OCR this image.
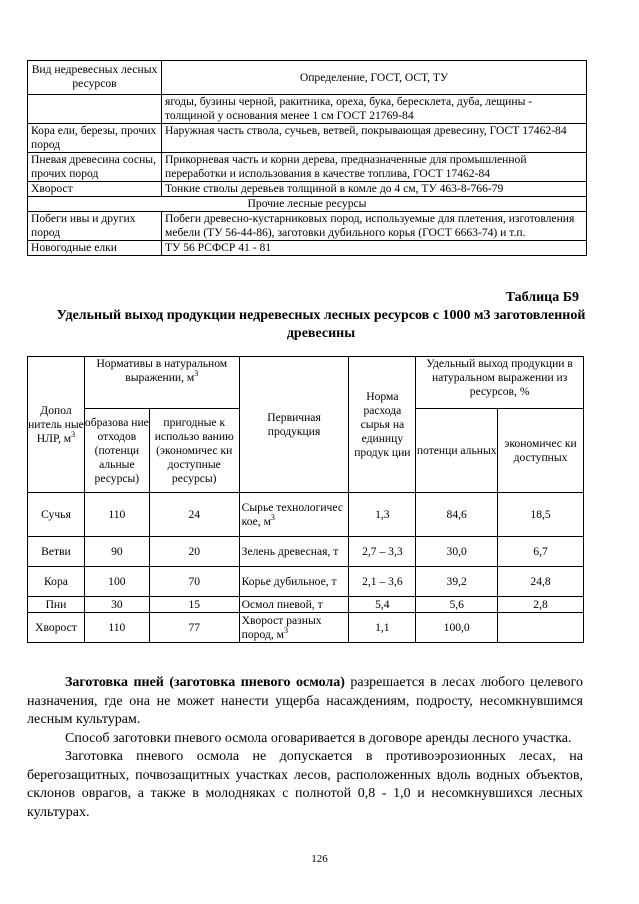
Вид недревесных лесных ресурсов	Определение, ГОСТ, ОСТ, ТУ
	ягоды, бузины черной, ракитника, ореха, бука, бересклета, дуба, лещины - толщиной у основания менее 1 см ГОСТ 21769-84
Кора ели, березы, прочих пород	Наружная часть ствола, сучьев, ветвей, покрывающая древесину, ГОСТ 17462-84
Пневая древесина сосны, прочих пород	Прикорневая часть и корни дерева, предназначенные для промышленной переработки и использования в качестве топлива, ГОСТ 17462-84
Хворост	Тонкие стволы деревьев толщиной в комле до 4 см, ТУ 463-8-766-79
Прочие лесные ресурсы	
Побеги ивы и других пород	Побеги древесно-кустарниковых пород, используемые для плетения, изготовления мебели (ТУ 56-44-86), заготовки дубильного корья (ГОСТ 6663-74) и т.п.
Новогодные елки	ТУ 56 РСФСР 41 - 81
Таблица Б9
Удельный выход продукции недревесных лесных ресурсов с 1000 м3 заготовленной древесины
Допол нитель ные НЛР, $м^3$	Нормативы в натуральном выражении, $м^3$		Первичная продукция	Норма расхода сырья на единицу продук ции	Удельный выход продукции в натуральном выражении из ресурсов, %	
	образова ние отходов (потенци альные ресурсы)	пригодные к использо ванию (экономичес ки доступные ресурсы)			потенци альных	экономичес ки доступных
Сучья	110	24	Сырье технологичес кое, $м^3$	1,3	84,6	18,5
Ветви	90	20	Зелень древесная, т	2,7 – 3,3	30,0	6,7
Кора	100	70	Корье дубильное, т	2,1 – 3,6	39,2	24,8
Пни	30	15	Осмол пневой, т	5,4	5,6	2,8
Хворост	110	77	Хворост разных пород, $м^3$	1,1	100,0	

Заготовка пней (заготовка пневого осмола) разрешается в лесах любого целевого назначения, где она не может нанести ущерба насаждениям, подросту, несомкнувшимся лесным культурам.

Способ заготовки пневого осмола оговаривается в договоре аренды лесного участка.

Заготовка пневого осмола не допускается в противоэрозионных лесах, на берегозащитных, почвозащитных участках лесов, расположенных вдоль водных объектов, склонов оврагов, а также в молодняках с полнотой 0,8 - 1,0 и несомкнувшихся лесных культурах.

126
